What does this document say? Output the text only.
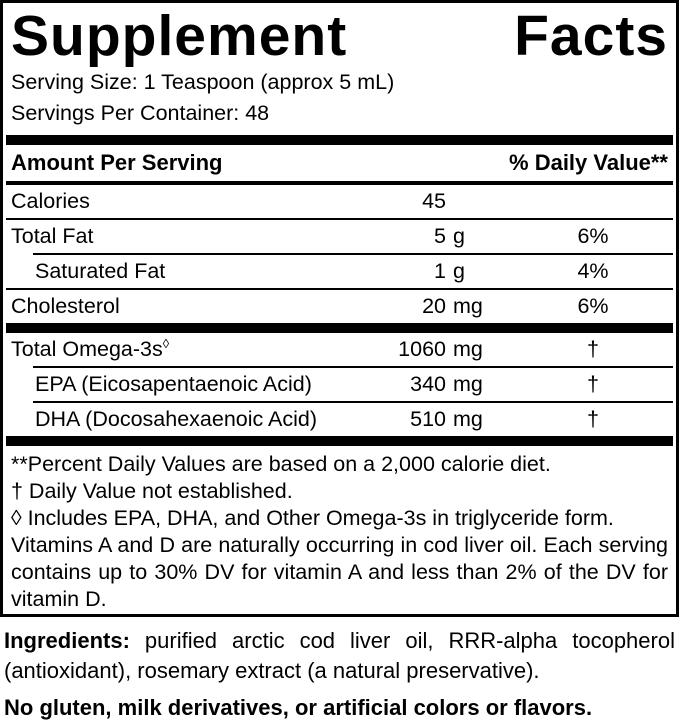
Supplement	Facts
Serving Size: 1 Teaspoon (approx 5 mL)
Servings Per Container: 48
Amount Per Serving	% Daily Value**
Calories	45
Total Fat	5 g	6%
Saturated Fat	1 g	4%
Cholesterol	20 mg	6%
Total Omega-3s◊	1060 mg	†
EPA (Eicosapentaenoic Acid)	340 mg	†
DHA (Docosahexaenoic Acid)	510 mg	†
**Percent Daily Values are based on a 2,000 calorie diet.
† Daily Value not established.
◊ Includes EPA, DHA, and Other Omega-3s in triglyceride form.
Vitamins A and D are naturally occurring in cod liver oil. Each serving contains up to 30% DV for vitamin A and less than 2% of the DV for vitamin D.

Ingredients: purified arctic cod liver oil, RRR-alpha tocopherol (antioxidant), rosemary extract (a natural preservative).

No gluten, milk derivatives, or artificial colors or flavors.
